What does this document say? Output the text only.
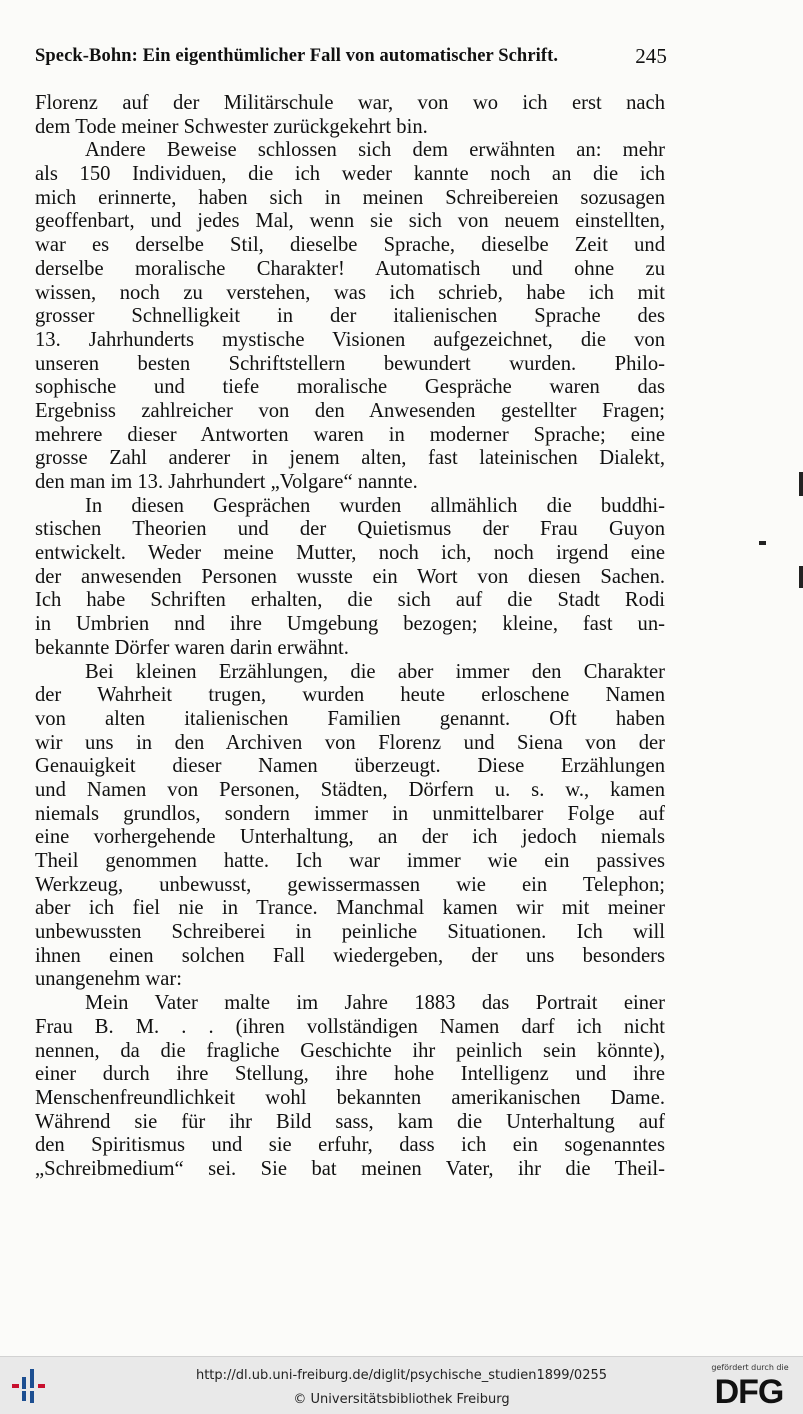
Speck-Bohn: Ein eigenthümlicher Fall von automatischer Schrift.	245
Florenz auf der Militärschule war, von wo ich erst nach
dem Tode meiner Schwester zurückgekehrt bin.
Andere Beweise schlossen sich dem erwähnten an: mehr
als 150 Individuen, die ich weder kannte noch an die ich
mich erinnerte, haben sich in meinen Schreibereien sozusagen
geoffenbart, und jedes Mal, wenn sie sich von neuem einstellten,
war es derselbe Stil, dieselbe Sprache, dieselbe Zeit und
derselbe moralische Charakter! Automatisch und ohne zu
wissen, noch zu verstehen, was ich schrieb, habe ich mit
grosser Schnelligkeit in der italienischen Sprache des
13. Jahrhunderts mystische Visionen aufgezeichnet, die von
unseren besten Schriftstellern bewundert wurden. Philo-
sophische und tiefe moralische Gespräche waren das
Ergebniss zahlreicher von den Anwesenden gestellter Fragen;
mehrere dieser Antworten waren in moderner Sprache; eine
grosse Zahl anderer in jenem alten, fast lateinischen Dialekt,
den man im 13. Jahrhundert „Volgare“ nannte.
In diesen Gesprächen wurden allmählich die buddhi-
stischen Theorien und der Quietismus der Frau Guyon
entwickelt. Weder meine Mutter, noch ich, noch irgend eine
der anwesenden Personen wusste ein Wort von diesen Sachen.
Ich habe Schriften erhalten, die sich auf die Stadt Rodi
in Umbrien nnd ihre Umgebung bezogen; kleine, fast un-
bekannte Dörfer waren darin erwähnt.
Bei kleinen Erzählungen, die aber immer den Charakter
der Wahrheit trugen, wurden heute erloschene Namen
von alten italienischen Familien genannt. Oft haben
wir uns in den Archiven von Florenz und Siena von der
Genauigkeit dieser Namen überzeugt. Diese Erzählungen
und Namen von Personen, Städten, Dörfern u. s. w., kamen
niemals grundlos, sondern immer in unmittelbarer Folge auf
eine vorhergehende Unterhaltung, an der ich jedoch niemals
Theil genommen hatte. Ich war immer wie ein passives
Werkzeug, unbewusst, gewissermassen wie ein Telephon;
aber ich fiel nie in Trance. Manchmal kamen wir mit meiner
unbewussten Schreiberei in peinliche Situationen. Ich will
ihnen einen solchen Fall wiedergeben, der uns besonders
unangenehm war:
Mein Vater malte im Jahre 1883 das Portrait einer
Frau B. M. . . (ihren vollständigen Namen darf ich nicht
nennen, da die fragliche Geschichte ihr peinlich sein könnte),
einer durch ihre Stellung, ihre hohe Intelligenz und ihre
Menschenfreundlichkeit wohl bekannten amerikanischen Dame.
Während sie für ihr Bild sass, kam die Unterhaltung auf
den Spiritismus und sie erfuhr, dass ich ein sogenanntes
„Schreibmedium“ sei. Sie bat meinen Vater, ihr die Theil-
http://dl.ub.uni-freiburg.de/diglit/psychische_studien1899/0255
© Universitätsbibliothek Freiburg
gefördert durch die
DFG
